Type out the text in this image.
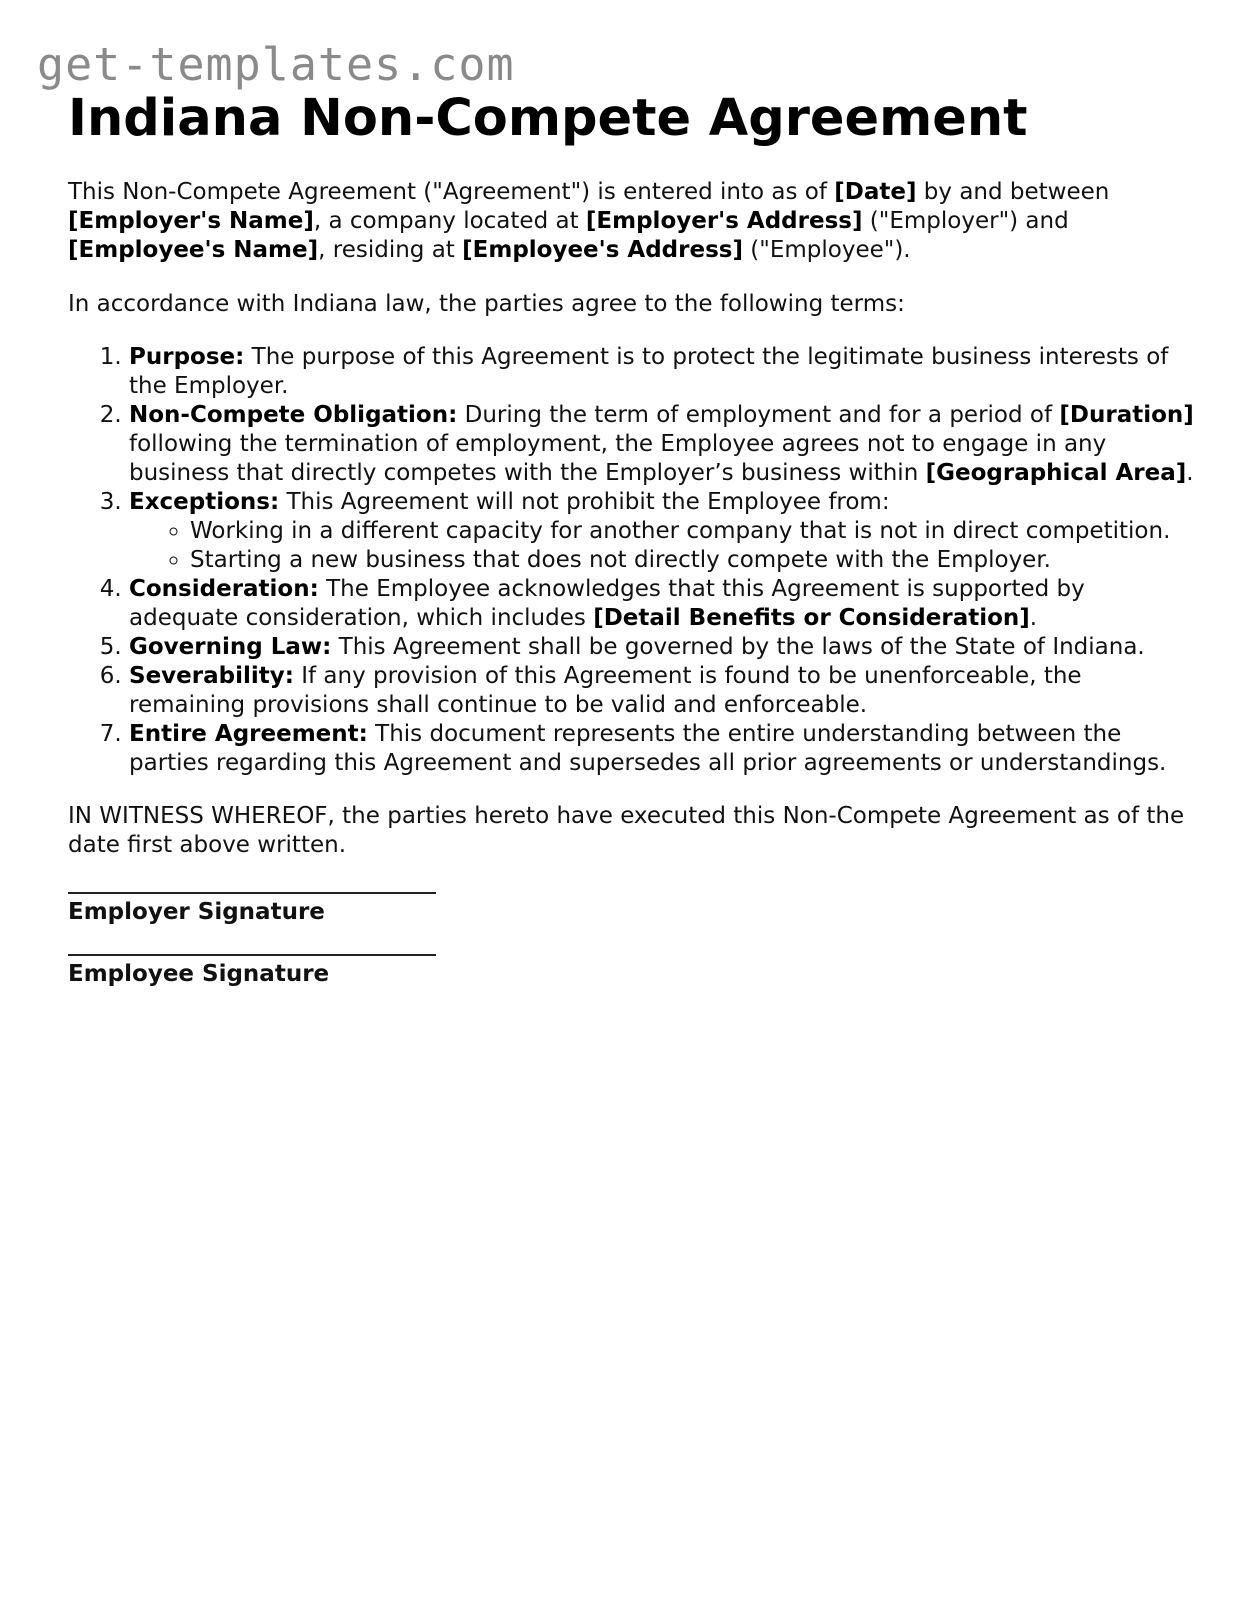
get-templates.com
Indiana Non-Compete Agreement

This Non-Compete Agreement ("Agreement") is entered into as of [Date] by and between [Employer's Name], a company located at [Employer's Address] ("Employer") and [Employee's Name], residing at [Employee's Address] ("Employee").

In accordance with Indiana law, the parties agree to the following terms:

1. Purpose: The purpose of this Agreement is to protect the legitimate business interests of the Employer.
2. Non-Compete Obligation: During the term of employment and for a period of [Duration] following the termination of employment, the Employee agrees not to engage in any business that directly competes with the Employer’s business within [Geographical Area].
3. Exceptions: This Agreement will not prohibit the Employee from:
◦ Working in a different capacity for another company that is not in direct competition.
◦ Starting a new business that does not directly compete with the Employer.
4. Consideration: The Employee acknowledges that this Agreement is supported by adequate consideration, which includes [Detail Benefits or Consideration].
5. Governing Law: This Agreement shall be governed by the laws of the State of Indiana.
6. Severability: If any provision of this Agreement is found to be unenforceable, the remaining provisions shall continue to be valid and enforceable.
7. Entire Agreement: This document represents the entire understanding between the parties regarding this Agreement and supersedes all prior agreements or understandings.

IN WITNESS WHEREOF, the parties hereto have executed this Non-Compete Agreement as of the date first above written.

Employer Signature
Employee Signature
